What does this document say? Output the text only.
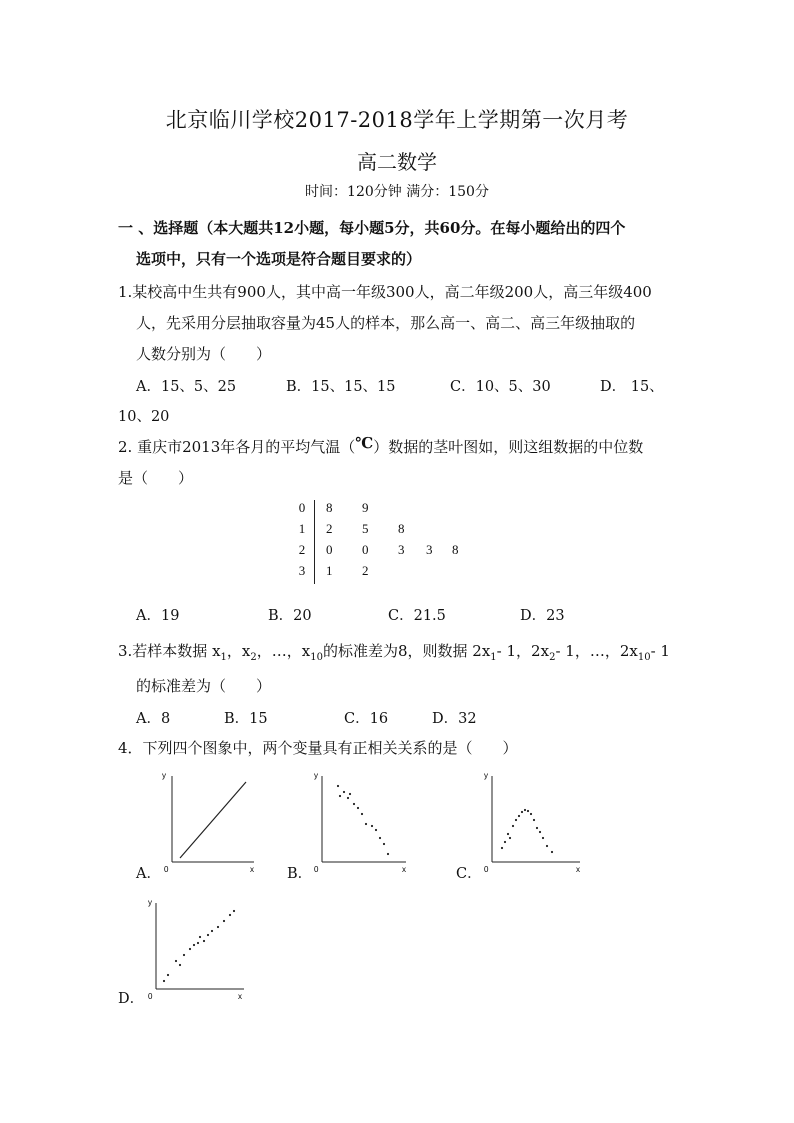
北京临川学校2017-2018学年上学期第一次月考
高二数学
时间：120分钟 满分：150分
一 、选择题（本大题共12小题，每小题5分，共60分。在每小题给出的四个
选项中，只有一个选项是符合题目要求的）
1.某校高中生共有900人，其中高一年级300人，高二年级200人，高三年级400
人，先采用分层抽取容量为45人的样本，那么高一、高二、高三年级抽取的
人数分别为（　　）
A．15、5、25	B．15、15、15	C．10、5、30	D． 15、
10、20
2. 重庆市2013年各月的平均气温（℃）数据的茎叶图如，则这组数据的中位数
是（　　）
0 8 9
1 2 5 8
2 0 0 3 3 8
3 1 2
A．19	B．20	C．21.5	D．23
3.若样本数据 $x_1$，$x_2$，…，$x_{10}$的标准差为8，则数据 $2x_1-$ 1，$2x_2-$ 1，…，$2x_{10}-$ 1
的标准差为（　　）
A．8	B．15	C．16	D．32
4．下列四个图象中，两个变量具有正相关关系的是（　　）
A．	B．	C．
D．
y
x
0
y
x
0
y
x
0
y
x
0
